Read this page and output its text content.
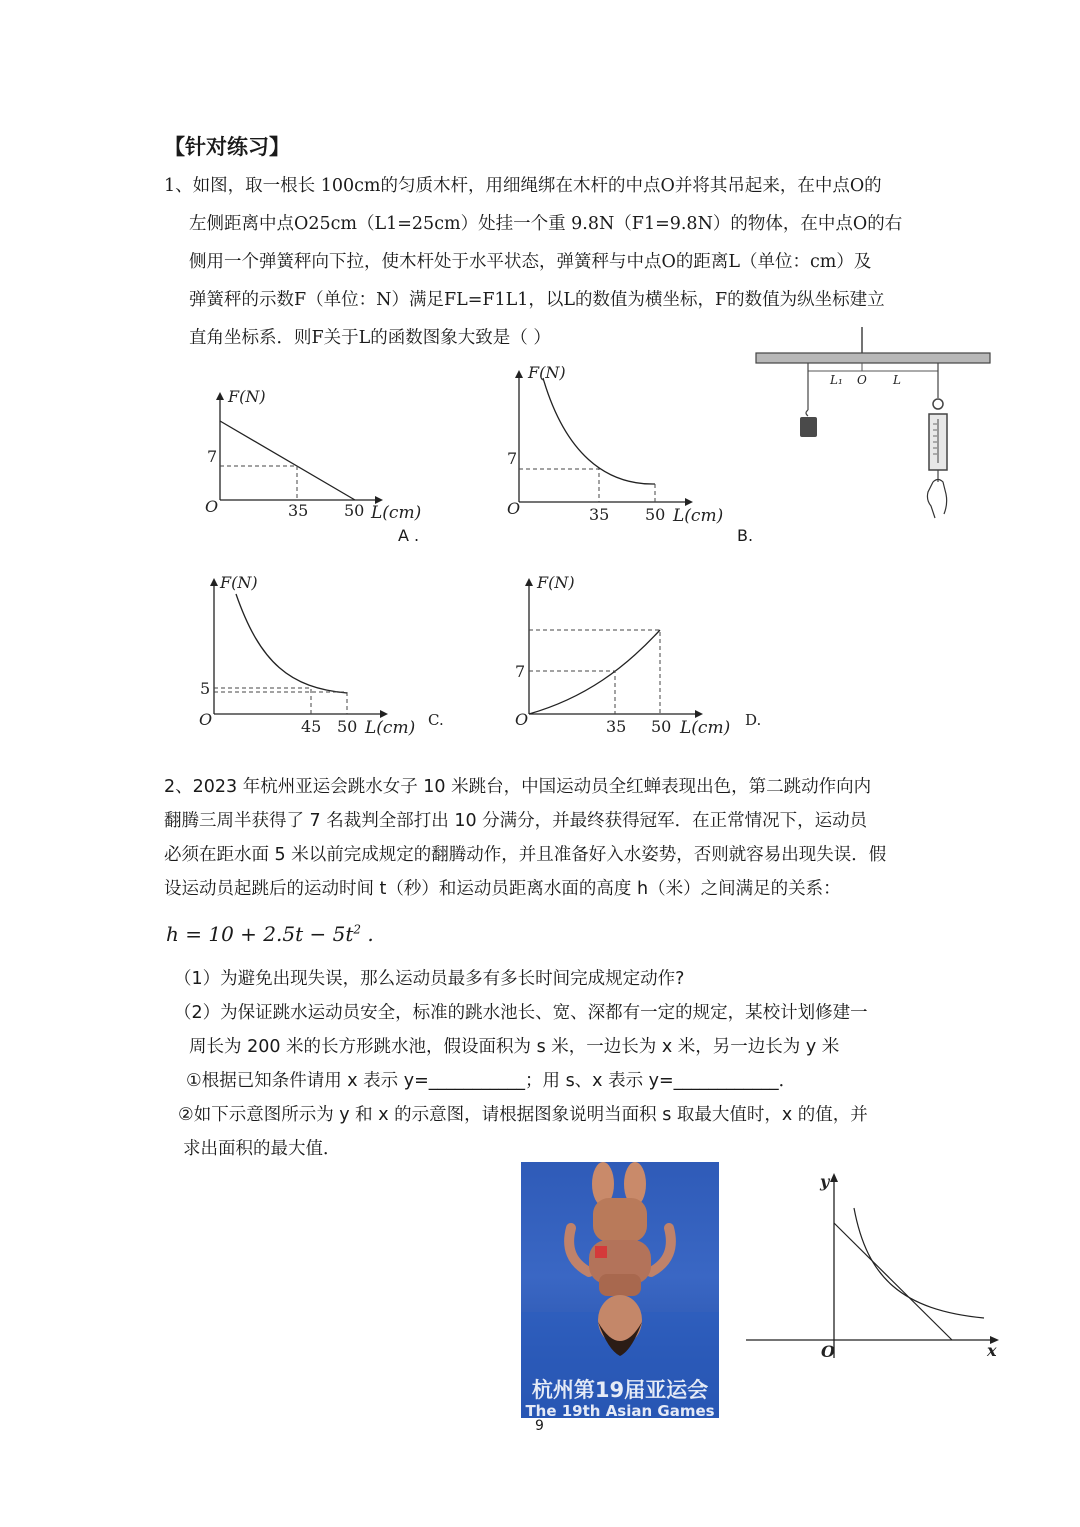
【针对练习】
1、如图，取一根长 100cm的匀质木杆，用细绳绑在木杆的中点O并将其吊起来，在中点O的
左侧距离中点O25cm（L1=25cm）处挂一个重 9.8N（F1=9.8N）的物体，在中点O的右
侧用一个弹簧秤向下拉，使木杆处于水平状态，弹簧秤与中点O的距离L（单位：cm）及
弹簧秤的示数F（单位：N）满足FL=F1L1，以L的数值为横坐标，F的数值为纵坐标建立
直角坐标系．则F关于L的函数图象大致是（ ）
L₁ O L
F(N)
7
O	35 50 L(cm)
A .
F(N)
7
O	35 50 L(cm)
B.
F(N)
5
O	45 50 L(cm) C.
F(N)
7
O	35 50 L(cm) D.
2、2023 年杭州亚运会跳水女子 10 米跳台，中国运动员全红蝉表现出色，第二跳动作向内
翻腾三周半获得了 7 名裁判全部打出 10 分满分，并最终获得冠军．在正常情况下，运动员
必须在距水面 5 米以前完成规定的翻腾动作，并且准备好入水姿势，否则就容易出现失误．假
设运动员起跳后的运动时间 t（秒）和运动员距离水面的高度 h（米）之间满足的关系：
$h = 10 + 2.5t - 5t^2$ .
（1）为避免出现失误，那么运动员最多有多长时间完成规定动作?
（2）为保证跳水运动员安全，标准的跳水池长、宽、深都有一定的规定，某校计划修建一
周长为 200 米的长方形跳水池，假设面积为 s 米，一边长为 x 米，另一边长为 y 米
①根据已知条件请用 x 表示 y=___________；用 s、x 表示 y=____________．
②如下示意图所示为 y 和 x 的示意图，请根据图象说明当面积 s 取最大值时，x 的值，并
求出面积的最大值．
杭州第19届亚运会
The 19th Asian Games
y
x
O
9
